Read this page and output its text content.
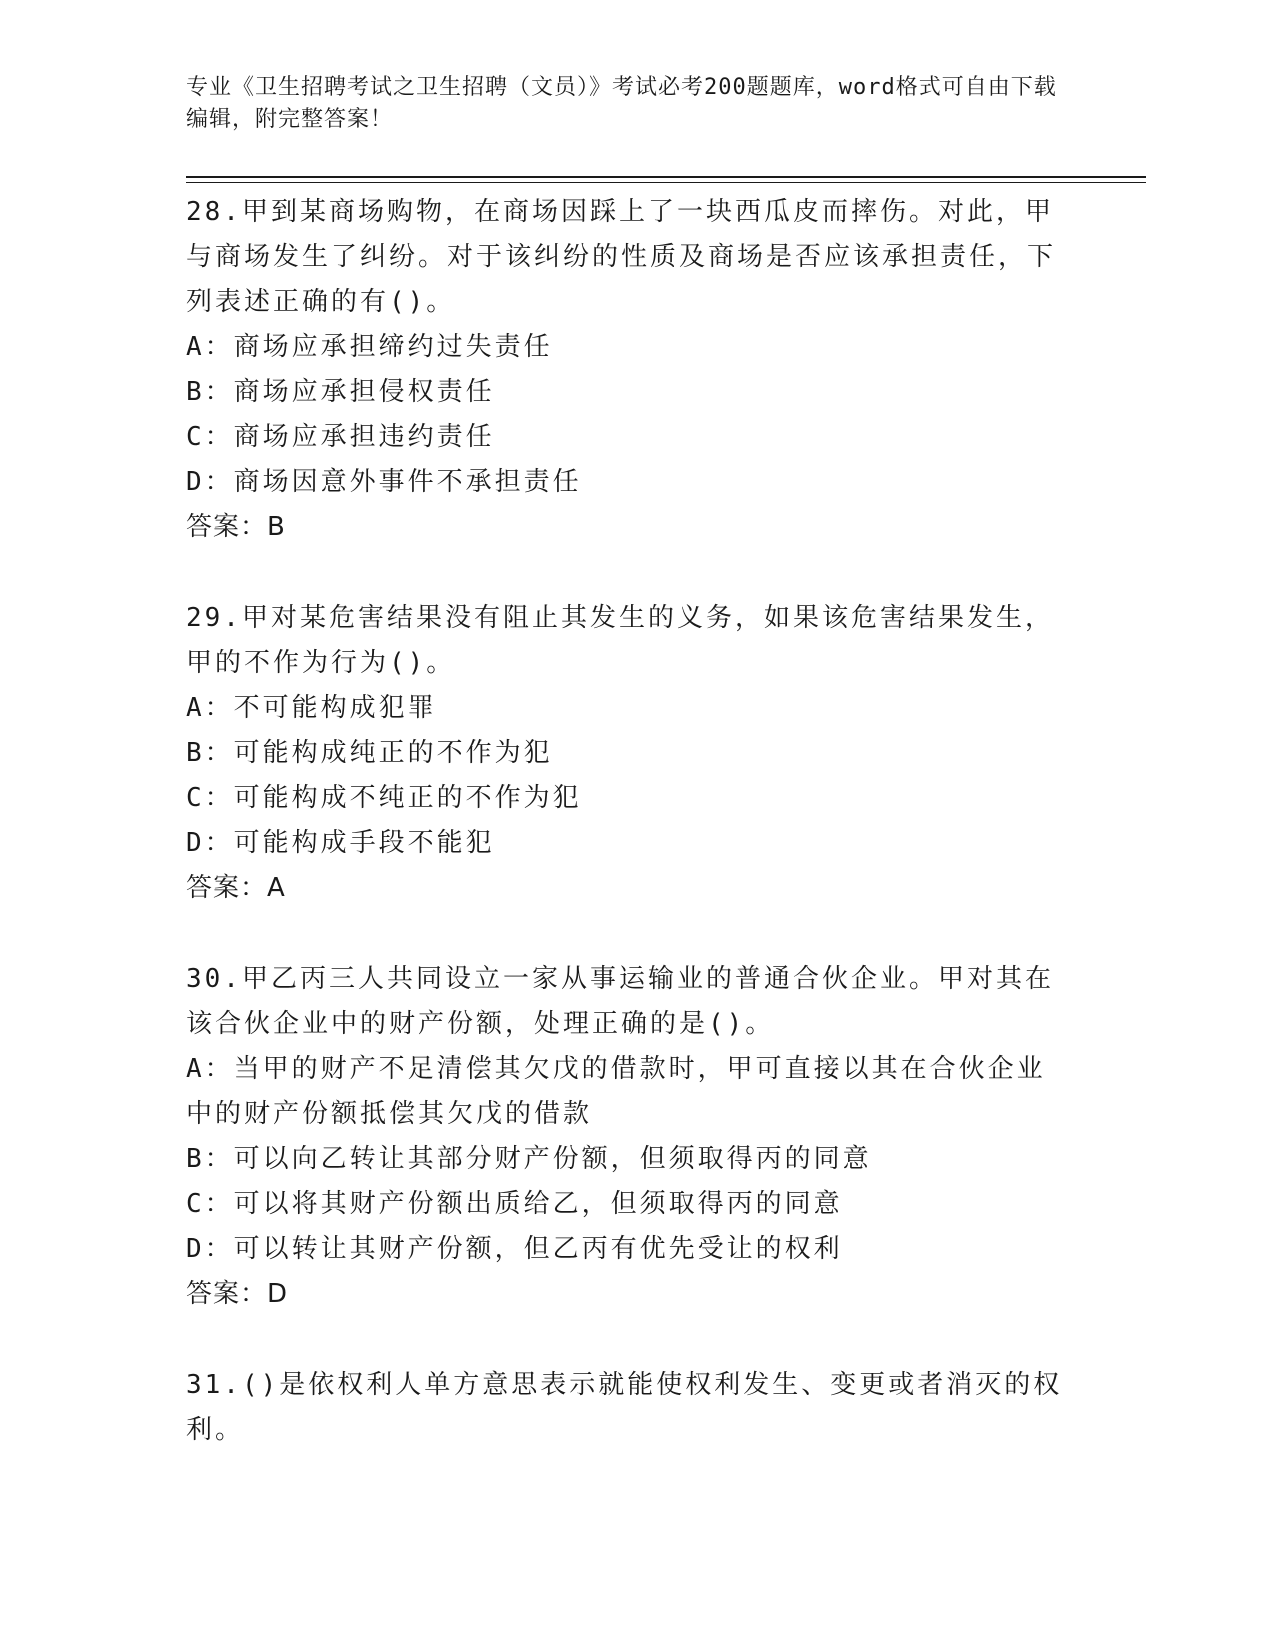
专业《卫生招聘考试之卫生招聘（文员）》考试必考200题题库，word格式可自由下载编辑，附完整答案！

28.甲到某商场购物，在商场因踩上了一块西瓜皮而摔伤。对此，甲与商场发生了纠纷。对于该纠纷的性质及商场是否应该承担责任，下列表述正确的有()。

A：商场应承担缔约过失责任

B：商场应承担侵权责任

C：商场应承担违约责任

D：商场因意外事件不承担责任

答案：B

29.甲对某危害结果没有阻止其发生的义务，如果该危害结果发生，甲的不作为行为()。

A：不可能构成犯罪

B：可能构成纯正的不作为犯

C：可能构成不纯正的不作为犯

D：可能构成手段不能犯

答案：A

30.甲乙丙三人共同设立一家从事运输业的普通合伙企业。甲对其在该合伙企业中的财产份额，处理正确的是()。

A：当甲的财产不足清偿其欠戊的借款时，甲可直接以其在合伙企业中的财产份额抵偿其欠戊的借款

B：可以向乙转让其部分财产份额，但须取得丙的同意

C：可以将其财产份额出质给乙，但须取得丙的同意

D：可以转让其财产份额，但乙丙有优先受让的权利

答案：D

31.()是依权利人单方意思表示就能使权利发生、变更或者消灭的权利。
